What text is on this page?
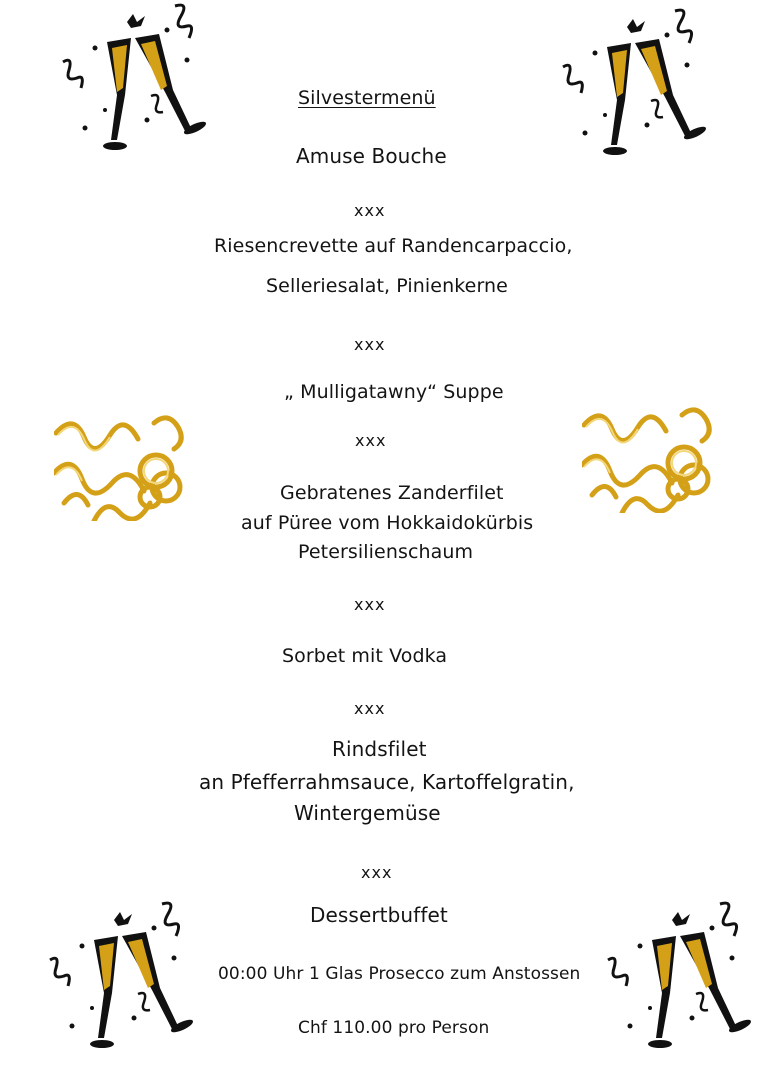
Silvestermenü
Amuse Bouche
xxx
Riesencrevette auf Randencarpaccio,
Selleriesalat, Pinienkerne
xxx
„ Mulligatawny“ Suppe
xxx
Gebratenes Zanderfilet
auf Püree vom Hokkaidokürbis
Petersilienschaum
xxx
Sorbet mit Vodka
xxx
Rindsfilet
an Pfefferrahmsauce, Kartoffelgratin,
Wintergemüse
xxx
Dessertbuffet
00:00 Uhr 1 Glas Prosecco zum Anstossen
Chf 110.00 pro Person
